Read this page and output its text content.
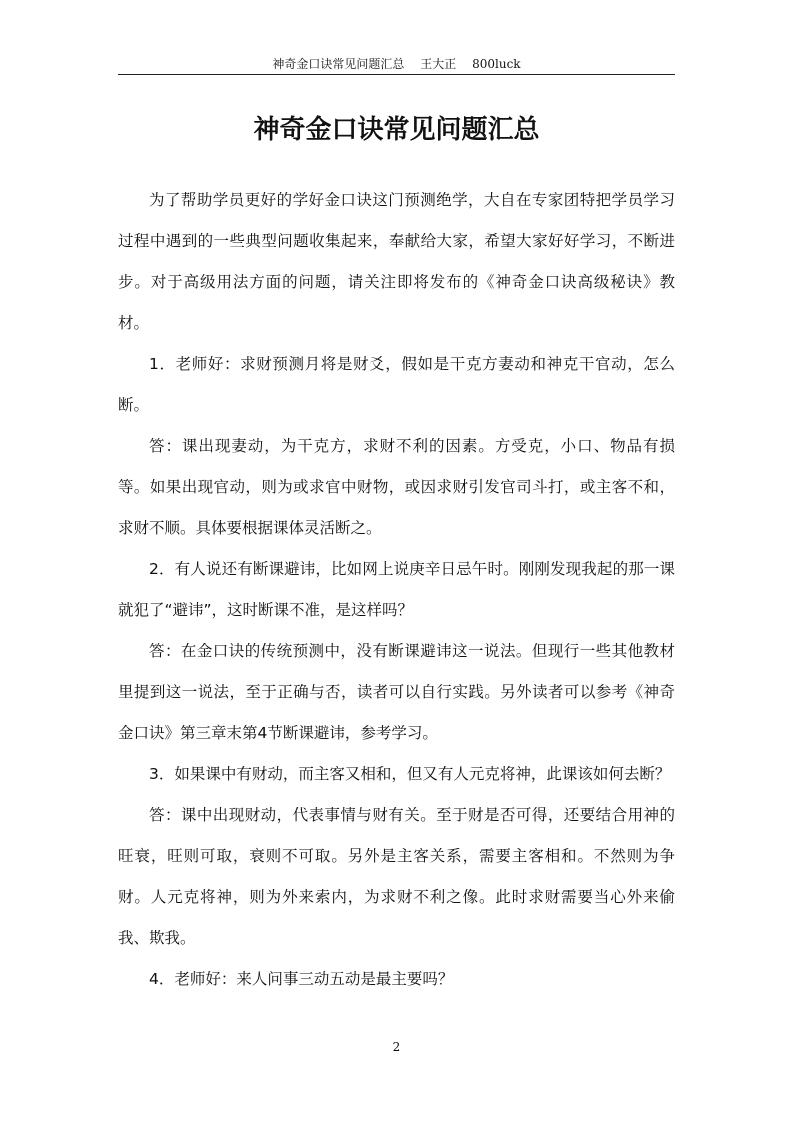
神奇金口诀常见问题汇总 王大正 800luck
神奇金口诀常见问题汇总

为了帮助学员更好的学好金口诀这门预测绝学，大自在专家团特把学员学习过程中遇到的一些典型问题收集起来，奉献给大家，希望大家好好学习，不断进步。对于高级用法方面的问题，请关注即将发布的《神奇金口诀高级秘诀》教材。

1．老师好：求财预测月将是财爻，假如是干克方妻动和神克干官动，怎么断。

答：课出现妻动，为干克方，求财不利的因素。方受克，小口、物品有损等。如果出现官动，则为或求官中财物，或因求财引发官司斗打，或主客不和，求财不顺。具体要根据课体灵活断之。

2．有人说还有断课避讳，比如网上说庚辛日忌午时。刚刚发现我起的那一课就犯了“避讳”，这时断课不准，是这样吗？

答：在金口诀的传统预测中，没有断课避讳这一说法。但现行一些其他教材里提到这一说法，至于正确与否，读者可以自行实践。另外读者可以参考《神奇金口诀》第三章末第4节断课避讳，参考学习。

3．如果课中有财动，而主客又相和，但又有人元克将神，此课该如何去断？

答：课中出现财动，代表事情与财有关。至于财是否可得，还要结合用神的旺衰，旺则可取，衰则不可取。另外是主客关系，需要主客相和。不然则为争财。人元克将神，则为外来索内，为求财不利之像。此时求财需要当心外来偷我、欺我。

4．老师好：来人问事三动五动是最主要吗？

2
